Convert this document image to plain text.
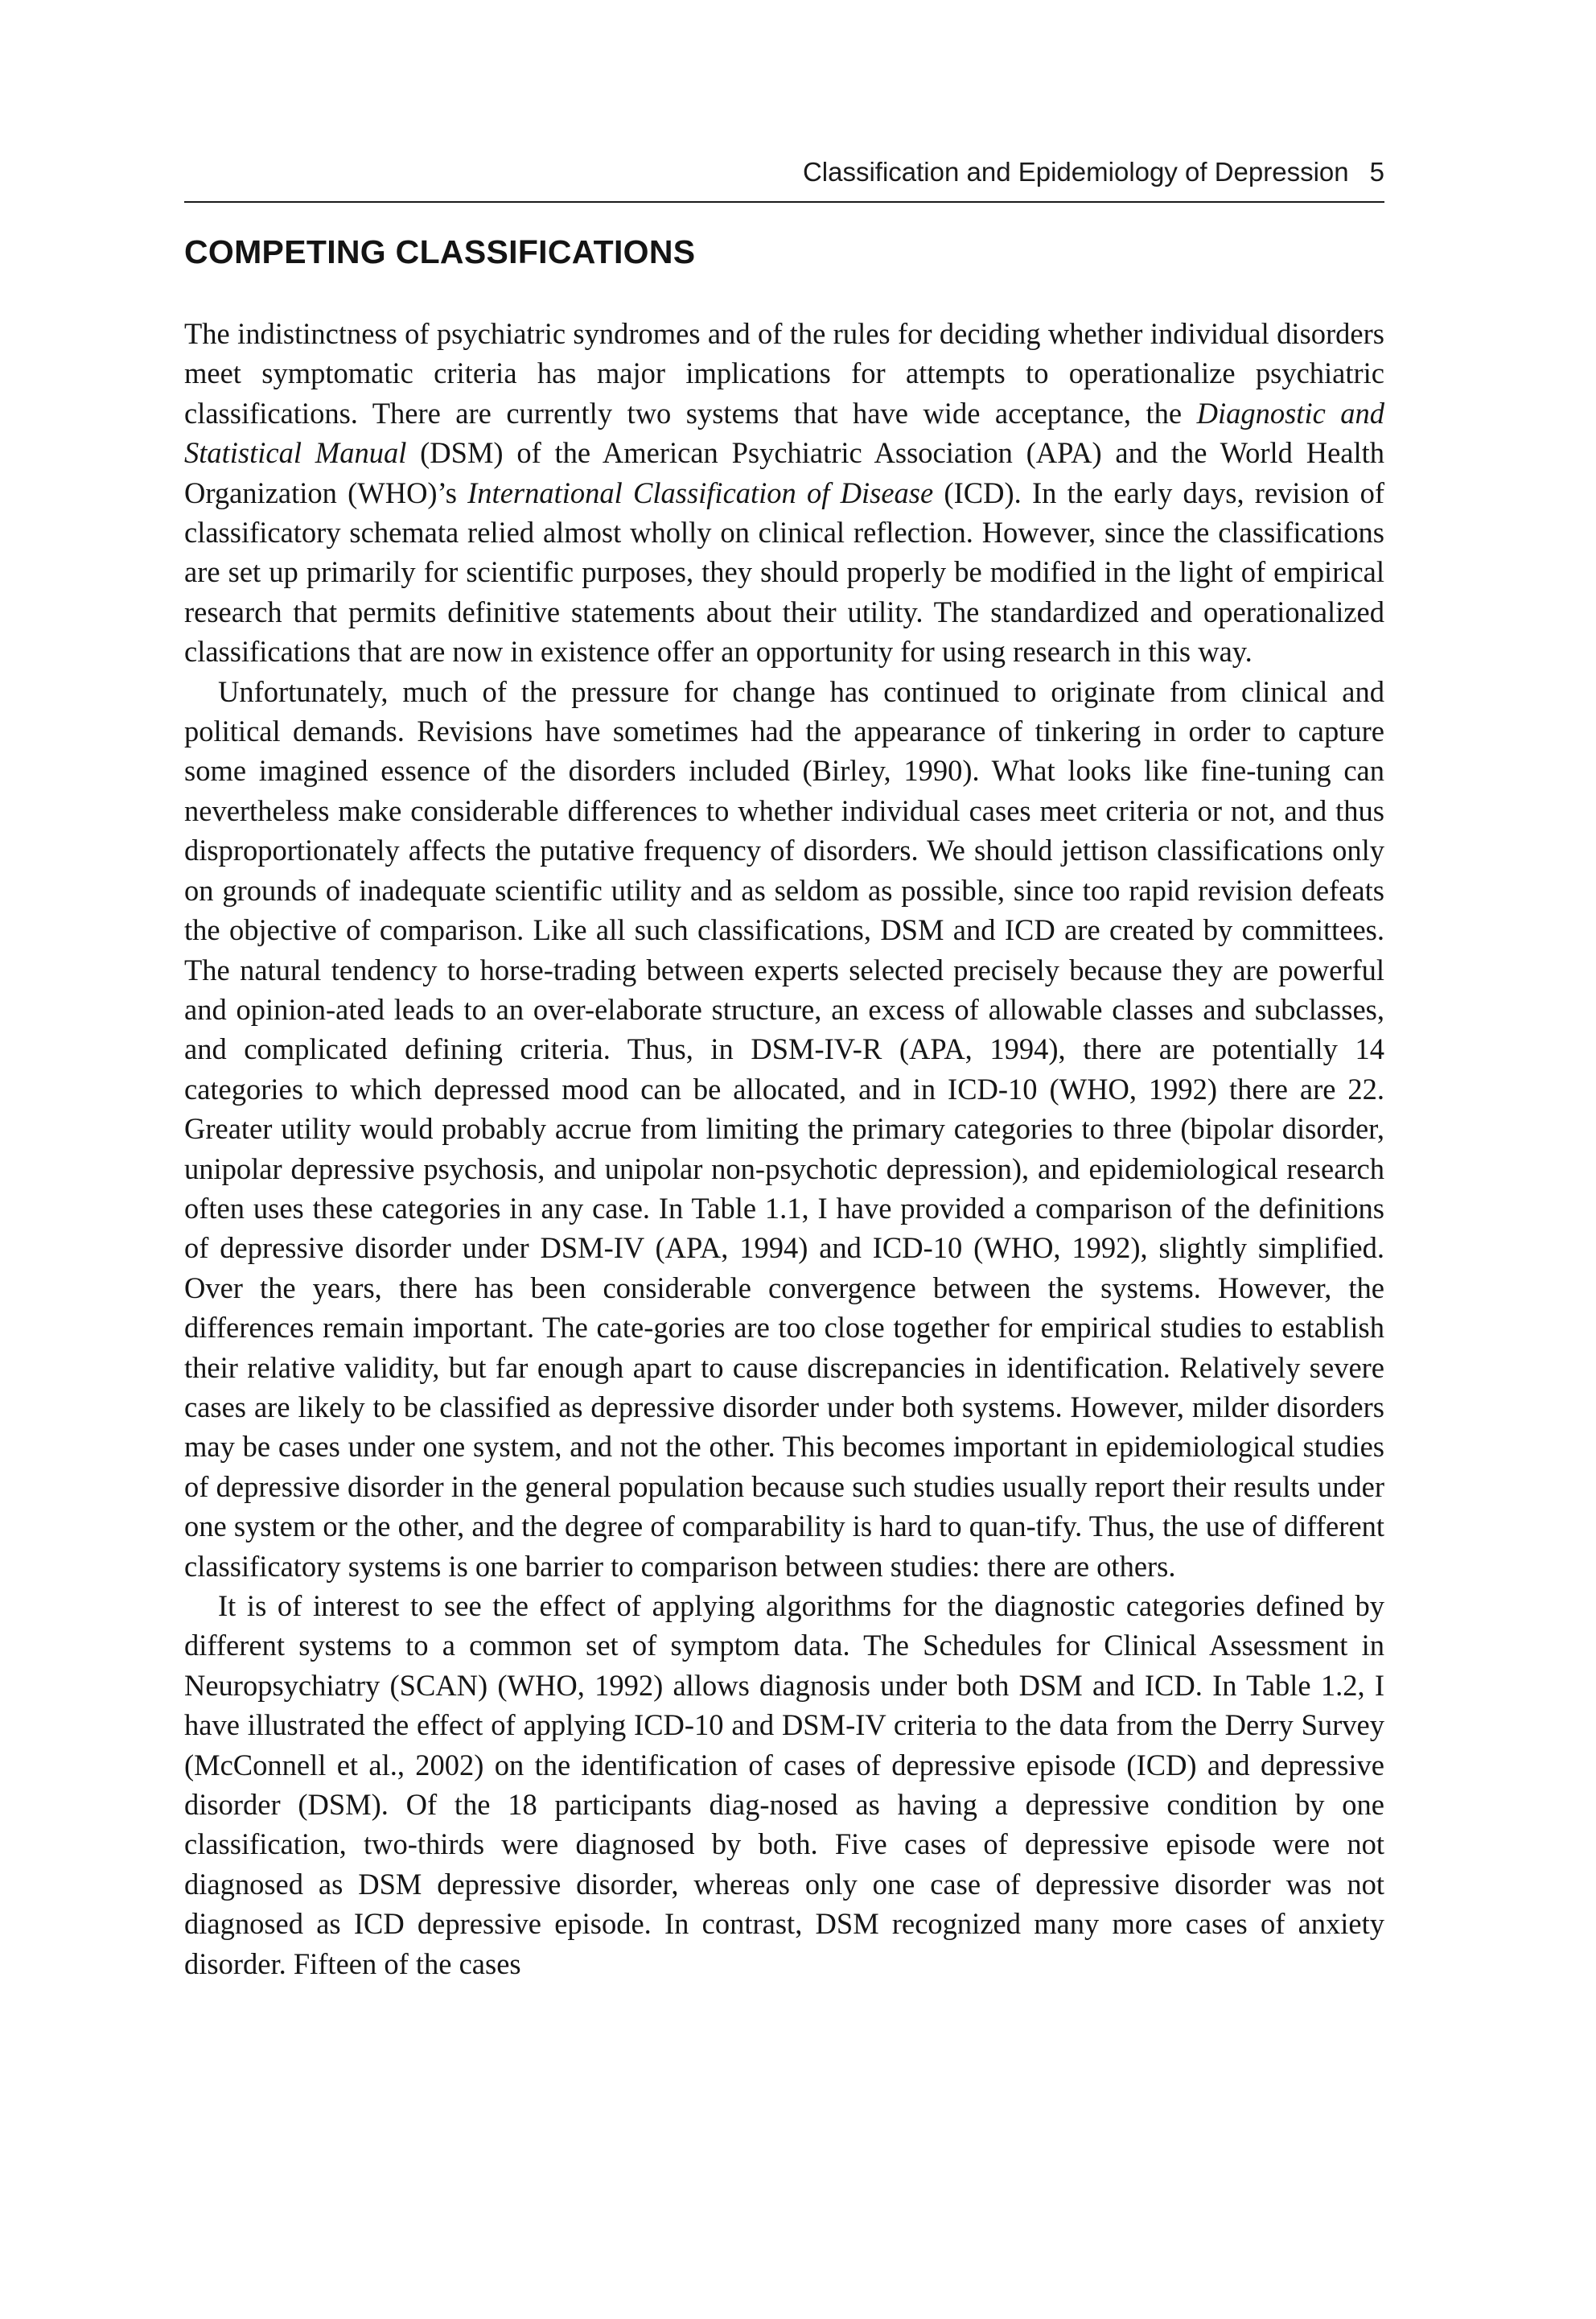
Classification and Epidemiology of Depression 5
COMPETING CLASSIFICATIONS

The indistinctness of psychiatric syndromes and of the rules for deciding whether individual disorders meet symptomatic criteria has major implications for attempts to operationalize psychiatric classifications. There are currently two systems that have wide acceptance, the Diagnostic and Statistical Manual (DSM) of the American Psychiatric Association (APA) and the World Health Organization (WHO)’s International Classification of Disease (ICD). In the early days, revision of classificatory schemata relied almost wholly on clinical reflection. However, since the classifications are set up primarily for scientific purposes, they should properly be modified in the light of empirical research that permits definitive statements about their utility. The standardized and operationalized classifications that are now in existence offer an opportunity for using research in this way.

Unfortunately, much of the pressure for change has continued to originate from clinical and political demands. Revisions have sometimes had the appearance of tinkering in order to capture some imagined essence of the disorders included (Birley, 1990). What looks like fine-tuning can nevertheless make considerable differences to whether individual cases meet criteria or not, and thus disproportionately affects the putative frequency of disorders. We should jettison classifications only on grounds of inadequate scientific utility and as seldom as possible, since too rapid revision defeats the objective of comparison. Like all such classifications, DSM and ICD are created by committees. The natural tendency to horse-trading between experts selected precisely because they are powerful and opinion-ated leads to an over-elaborate structure, an excess of allowable classes and subclasses, and complicated defining criteria. Thus, in DSM-IV-R (APA, 1994), there are potentially 14 categories to which depressed mood can be allocated, and in ICD-10 (WHO, 1992) there are 22. Greater utility would probably accrue from limiting the primary categories to three (bipolar disorder, unipolar depressive psychosis, and unipolar non-psychotic depression), and epidemiological research often uses these categories in any case. In Table 1.1, I have provided a comparison of the definitions of depressive disorder under DSM-IV (APA, 1994) and ICD-10 (WHO, 1992), slightly simplified. Over the years, there has been considerable convergence between the systems. However, the differences remain important. The cate-gories are too close together for empirical studies to establish their relative validity, but far enough apart to cause discrepancies in identification. Relatively severe cases are likely to be classified as depressive disorder under both systems. However, milder disorders may be cases under one system, and not the other. This becomes important in epidemiological studies of depressive disorder in the general population because such studies usually report their results under one system or the other, and the degree of comparability is hard to quan-tify. Thus, the use of different classificatory systems is one barrier to comparison between studies: there are others.

It is of interest to see the effect of applying algorithms for the diagnostic categories defined by different systems to a common set of symptom data. The Schedules for Clinical Assessment in Neuropsychiatry (SCAN) (WHO, 1992) allows diagnosis under both DSM and ICD. In Table 1.2, I have illustrated the effect of applying ICD-10 and DSM-IV criteria to the data from the Derry Survey (McConnell et al., 2002) on the identification of cases of depressive episode (ICD) and depressive disorder (DSM). Of the 18 participants diag-nosed as having a depressive condition by one classification, two-thirds were diagnosed by both. Five cases of depressive episode were not diagnosed as DSM depressive disorder, whereas only one case of depressive disorder was not diagnosed as ICD depressive episode. In contrast, DSM recognized many more cases of anxiety disorder. Fifteen of the cases
